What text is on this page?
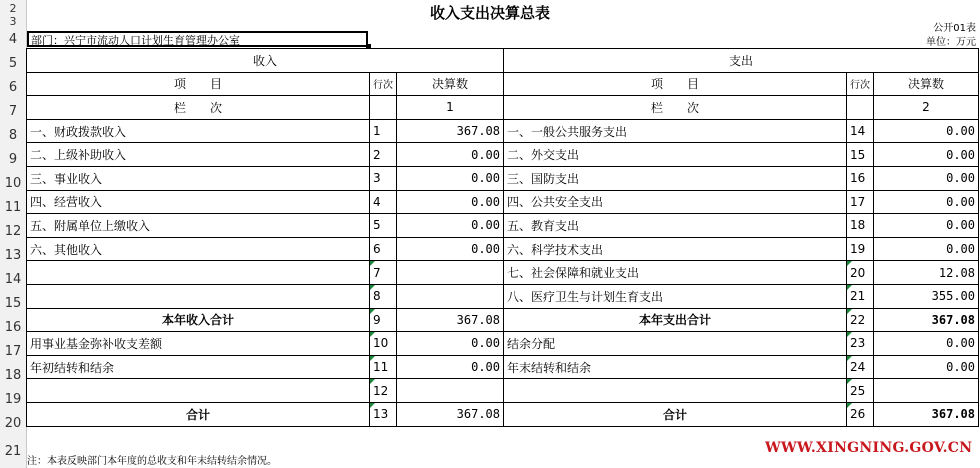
2
3
4
5
6
7
8
9
10
11
12
13
14
15
16
17
18
19
20
21
收入支出决算总表
公开01表
单位：万元
部门：兴宁市流动人口计划生育管理办公室
收入			支出		
项　　目	行次	决算数	项　　目	行次	决算数
栏　　次		1	栏　　次		2
一、财政拨款收入	1	367.08	一、一般公共服务支出	14	0.00
二、上级补助收入	2	0.00	二、外交支出	15	0.00
三、事业收入	3	0.00	三、国防支出	16	0.00
四、经营收入	4	0.00	四、公共安全支出	17	0.00
五、附属单位上缴收入	5	0.00	五、教育支出	18	0.00
六、其他收入	6	0.00	六、科学技术支出	19	0.00
	7		七、社会保障和就业支出	20	12.08
	8		八、医疗卫生与计划生育支出	21	355.00
本年收入合计	9	367.08	本年支出合计	22	367.08
用事业基金弥补收支差额	10	0.00	结余分配	23	0.00
年初结转和结余	11	0.00	年末结转和结余	24	0.00
	12			25	
合计	13	367.08	合计	26	367.08
注：本表反映部门本年度的总收支和年末结转结余情况。
WWW.XINGNING.GOV.CN
